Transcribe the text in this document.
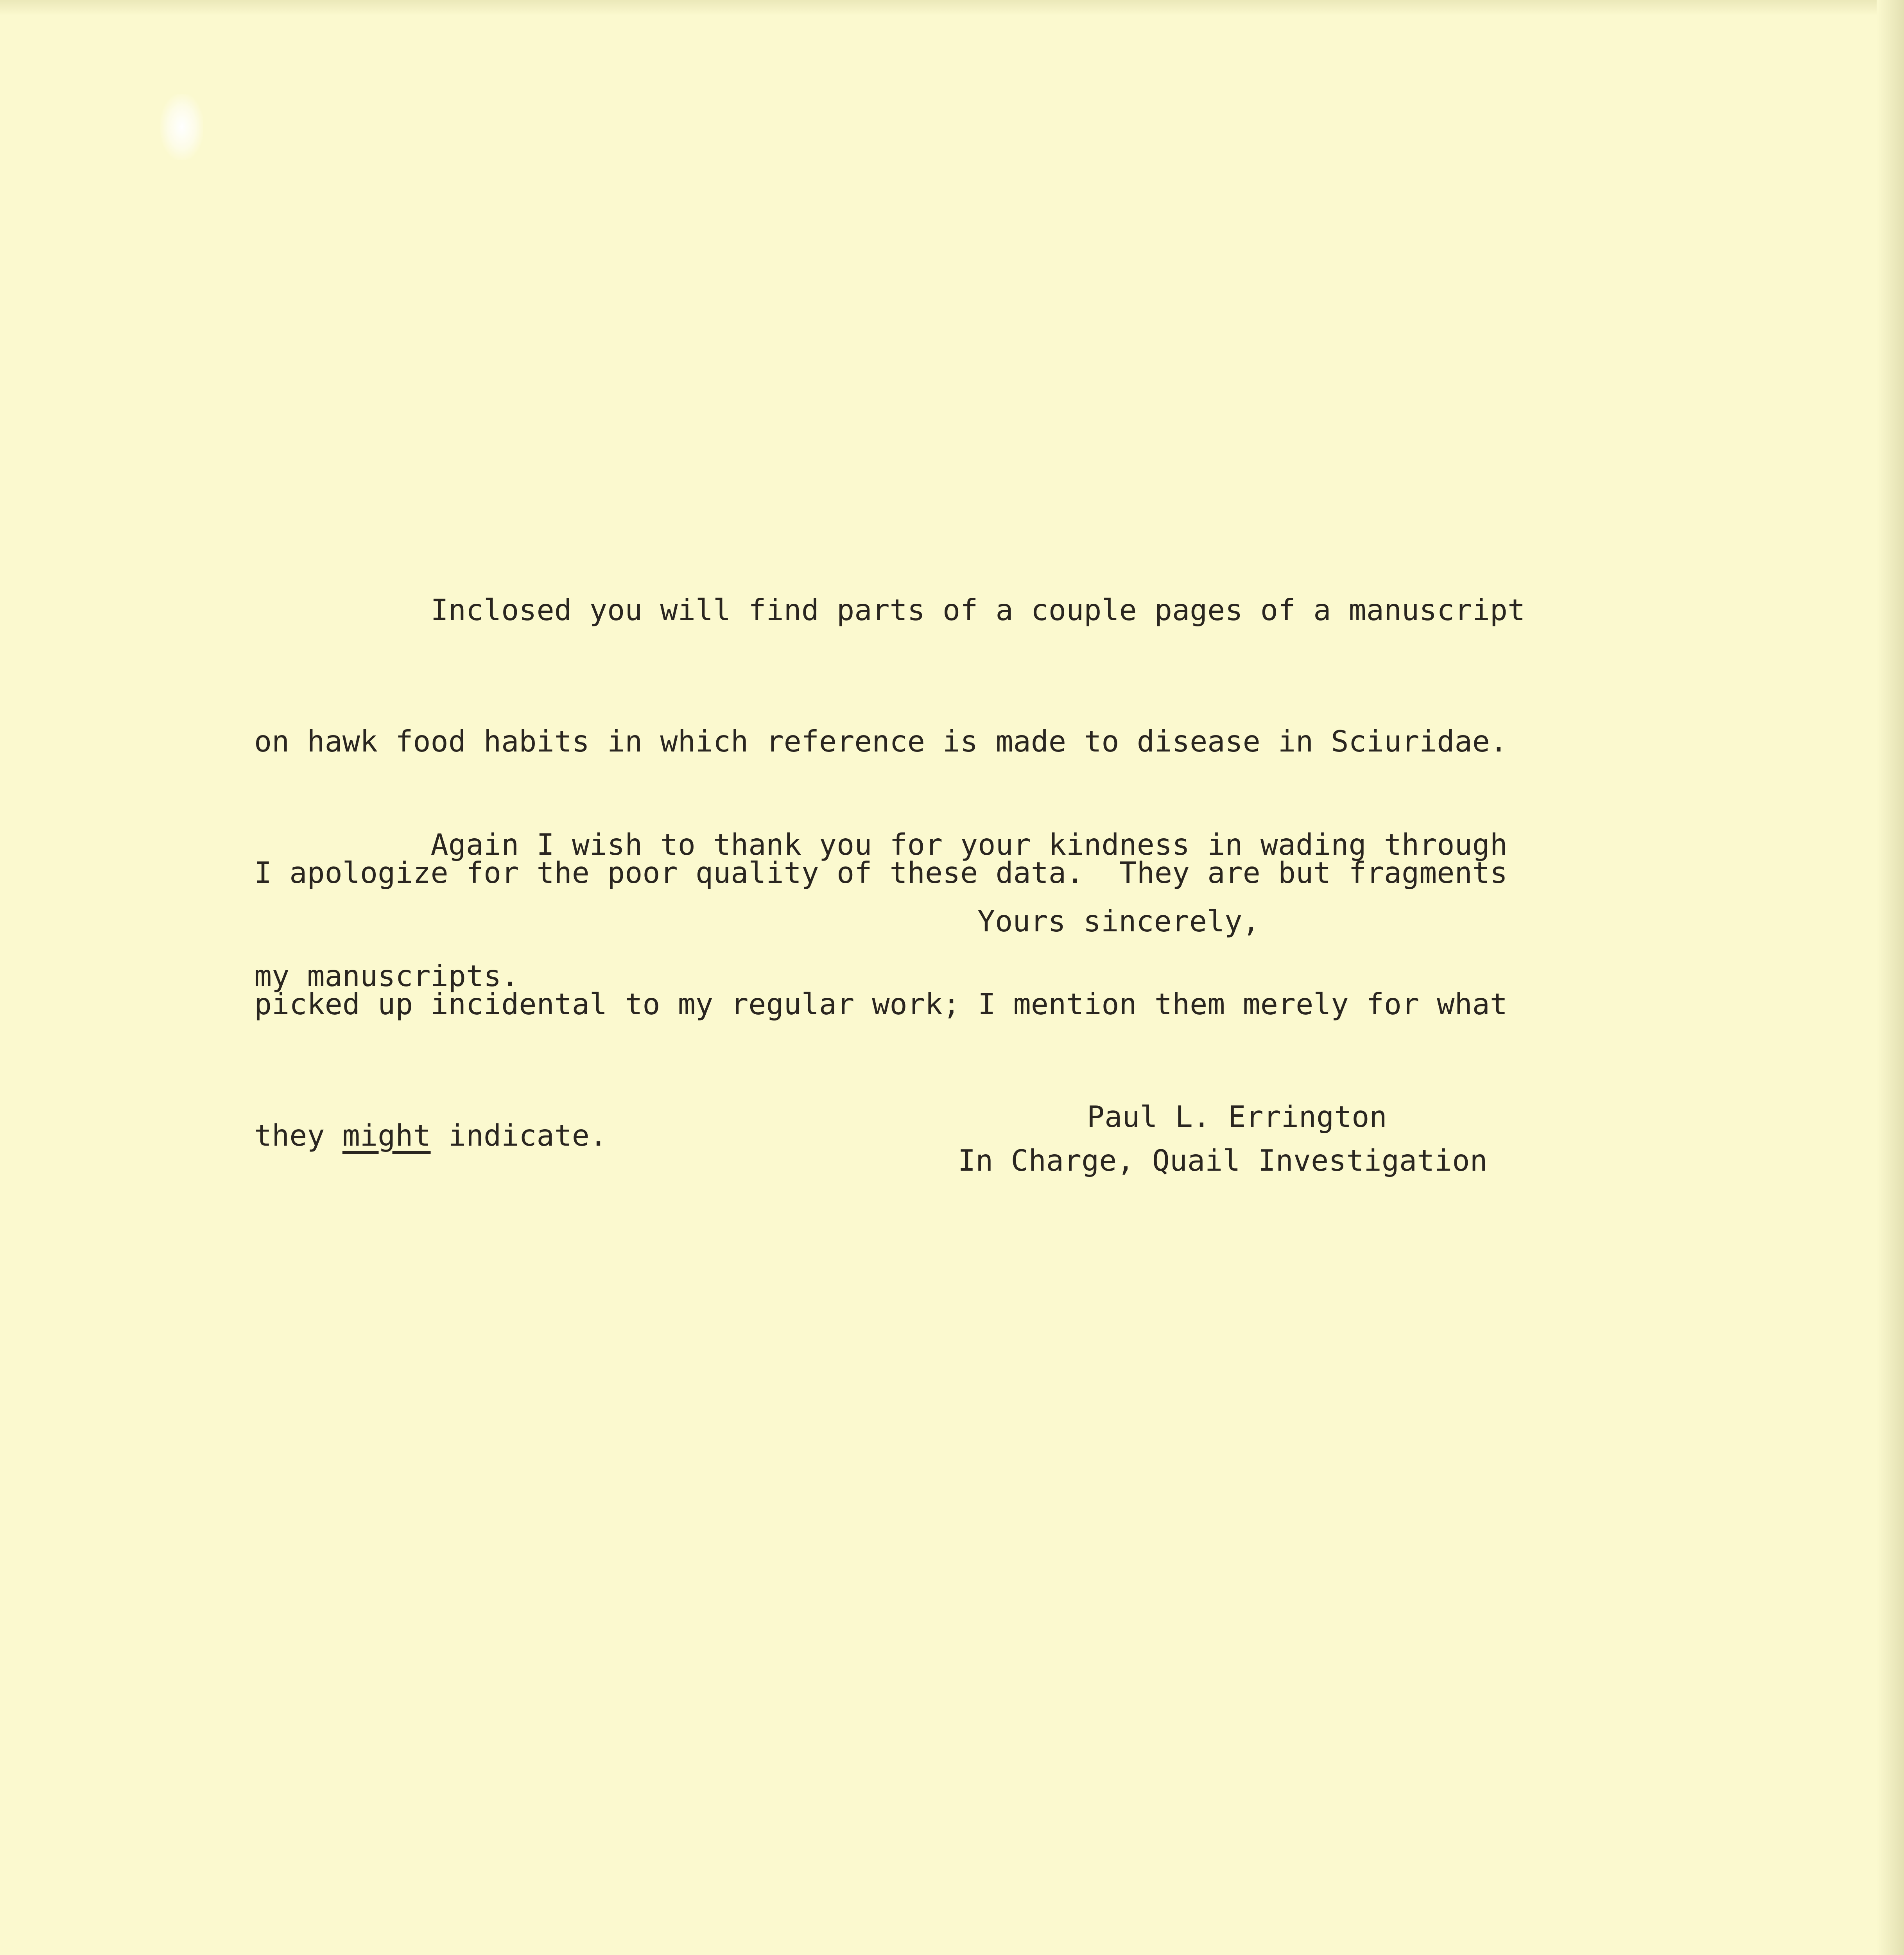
Inclosed you will find parts of a couple pages of a manuscript

on hawk food habits in which reference is made to disease in Sciuridae.

I apologize for the poor quality of these data.  They are but fragments

picked up incidental to my regular work; I mention them merely for what

they might indicate.

Again I wish to thank you for your kindness in wading through

my manuscripts.

Yours sincerely,
Paul L. Errington
In Charge, Quail Investigation
